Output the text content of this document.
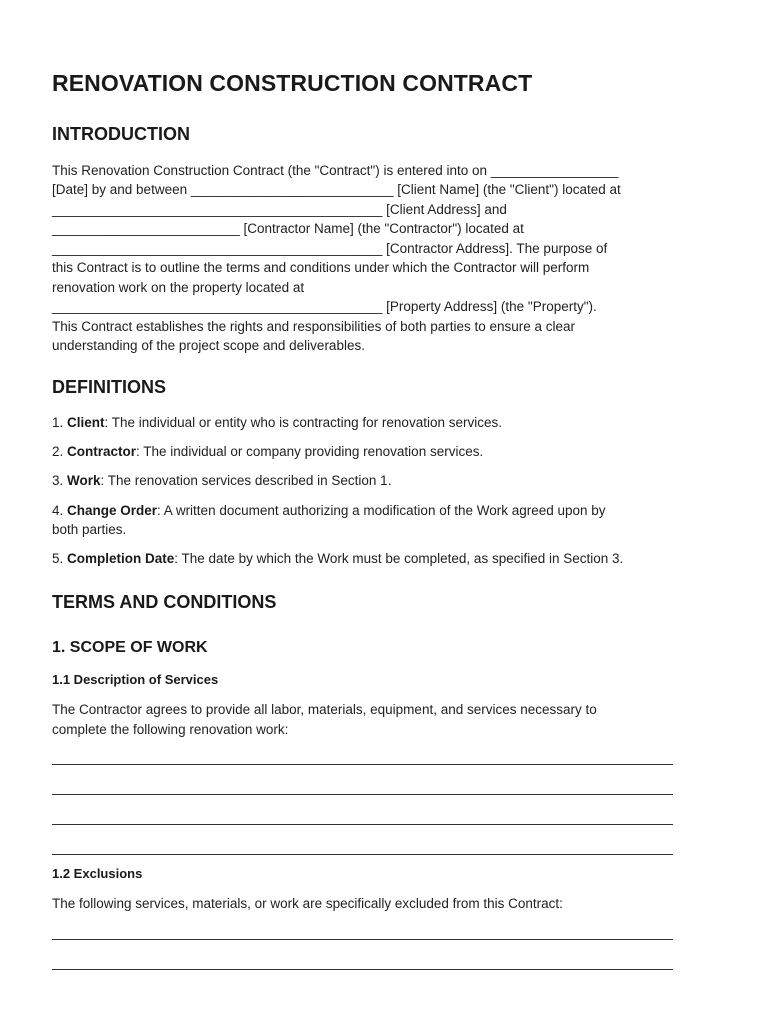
RENOVATION CONSTRUCTION CONTRACT
INTRODUCTION

This Renovation Construction Contract (the "Contract") is entered into on _________________

[Date] by and between ___________________________ [Client Name] (the "Client") located at

____________________________________________ [Client Address] and

_________________________ [Contractor Name] (the "Contractor") located at

____________________________________________ [Contractor Address]. The purpose of

this Contract is to outline the terms and conditions under which the Contractor will perform

renovation work on the property located at

____________________________________________ [Property Address] (the "Property").

This Contract establishes the rights and responsibilities of both parties to ensure a clear

understanding of the project scope and deliverables.

DEFINITIONS

1. Client: The individual or entity who is contracting for renovation services.

2. Contractor: The individual or company providing renovation services.

3. Work: The renovation services described in Section 1.

4. Change Order: A written document authorizing a modification of the Work agreed upon by

both parties.

5. Completion Date: The date by which the Work must be completed, as specified in Section 3.

TERMS AND CONDITIONS
1. SCOPE OF WORK
1.1 Description of Services

The Contractor agrees to provide all labor, materials, equipment, and services necessary to

complete the following renovation work:

1.2 Exclusions

The following services, materials, or work are specifically excluded from this Contract:
